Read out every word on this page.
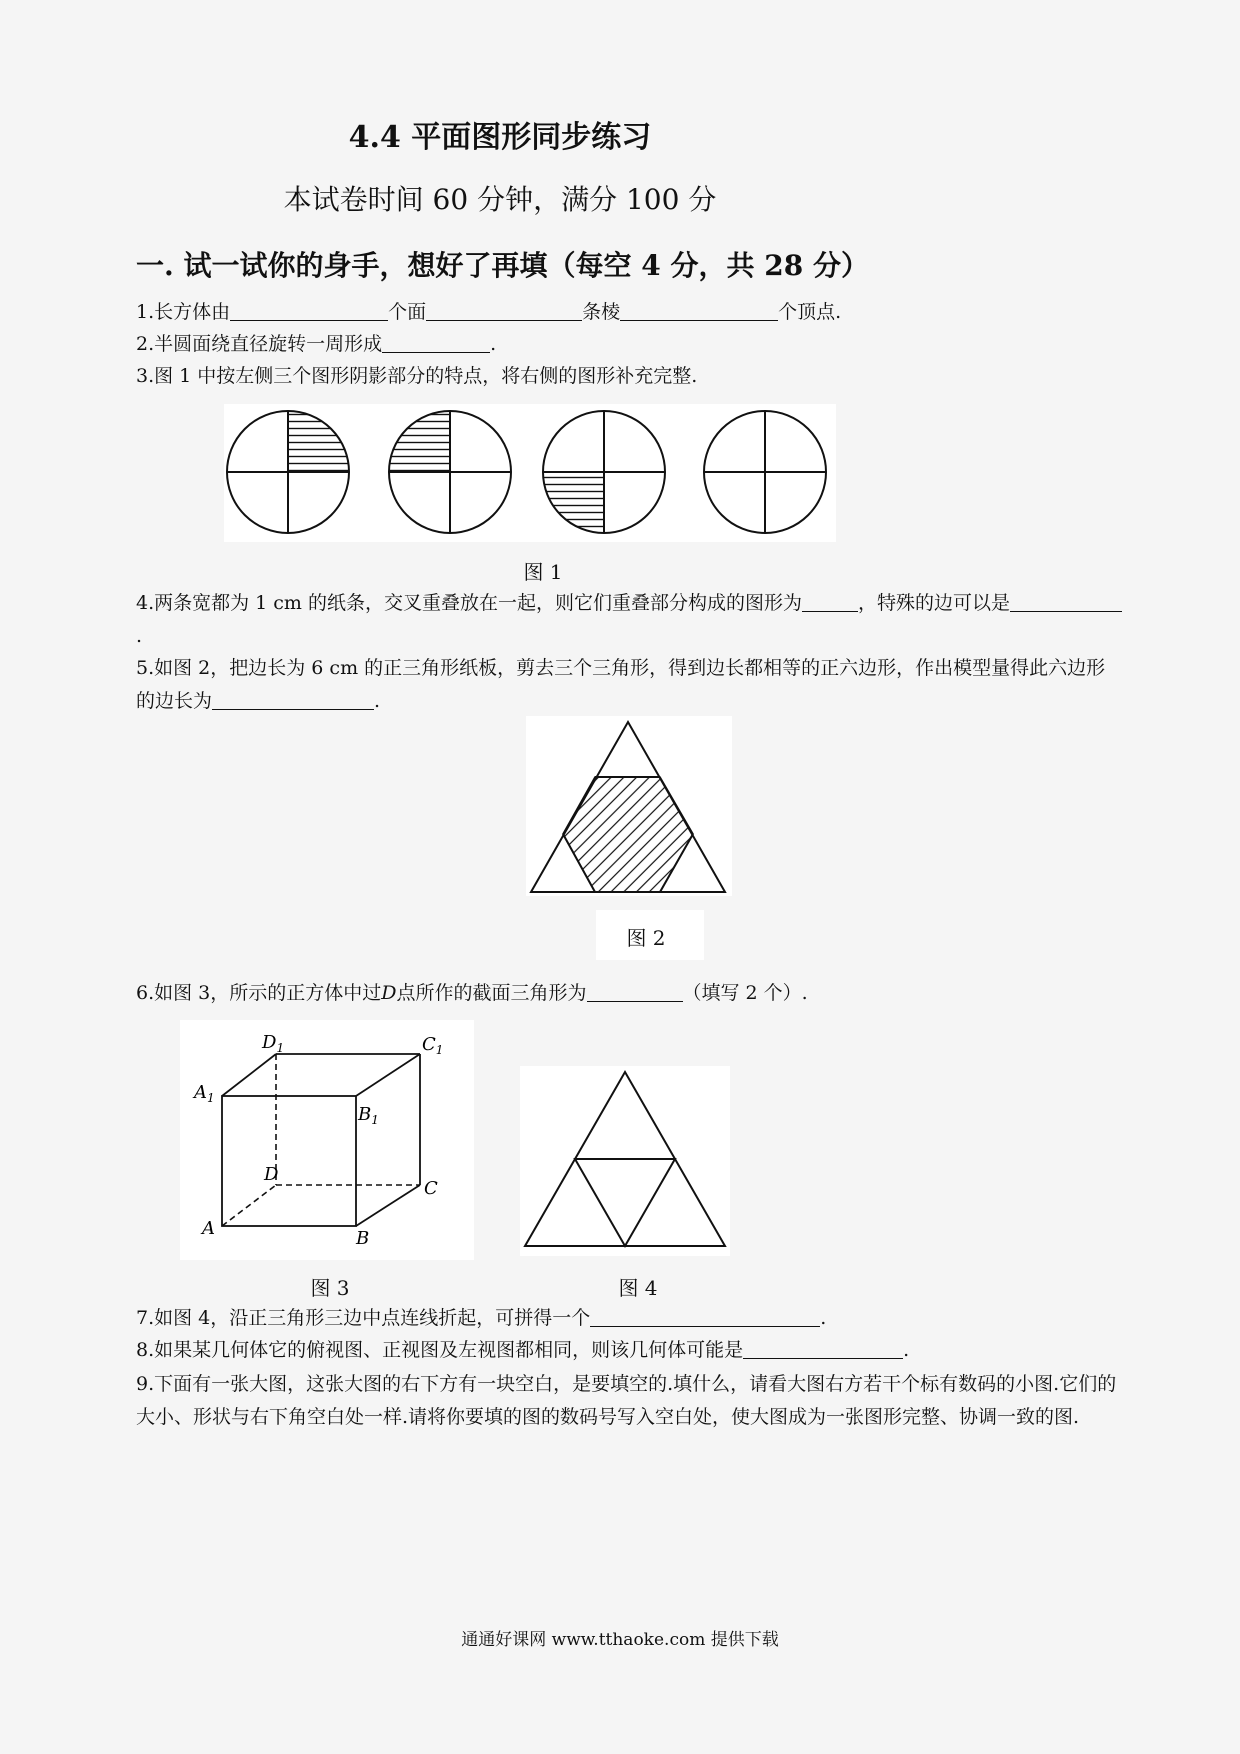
4.4 平面图形同步练习
本试卷时间 60 分钟，满分 100 分
一. 试一试你的身手，想好了再填（每空 4 分，共 28 分）
1.长方体由	个面	条棱	个顶点.
2.半圆面绕直径旋转一周形成	.
3.图 1 中按左侧三个图形阴影部分的特点，将右侧的图形补充完整.
图 1
4.两条宽都为 1 cm 的纸条，交叉重叠放在一起，则它们重叠部分构成的图形为	，特殊的边可以是.
5.如图 2，把边长为 6 cm 的正三角形纸板，剪去三个三角形，得到边长都相等的正六边形，作出模型量得此六边形的边长为	.
图 2
6.如图 3，所示的正方体中过D点所作的截面三角形为	（填写 2 个）.
$D_1$	$C_1$
$A_1$
$B_1$
D
C
A	B
图 3	图 4
7.如图 4，沿正三角形三边中点连线折起，可拼得一个	.
8.如果某几何体它的俯视图、正视图及左视图都相同，则该几何体可能是	.
9.下面有一张大图，这张大图的右下方有一块空白，是要填空的.填什么，请看大图右方若干个标有数码的小图.它们的大小、形状与右下角空白处一样.请将你要填的图的数码号写入空白处，使大图成为一张图形完整、协调一致的图.
通通好课网 www.tthaoke.com 提供下载
